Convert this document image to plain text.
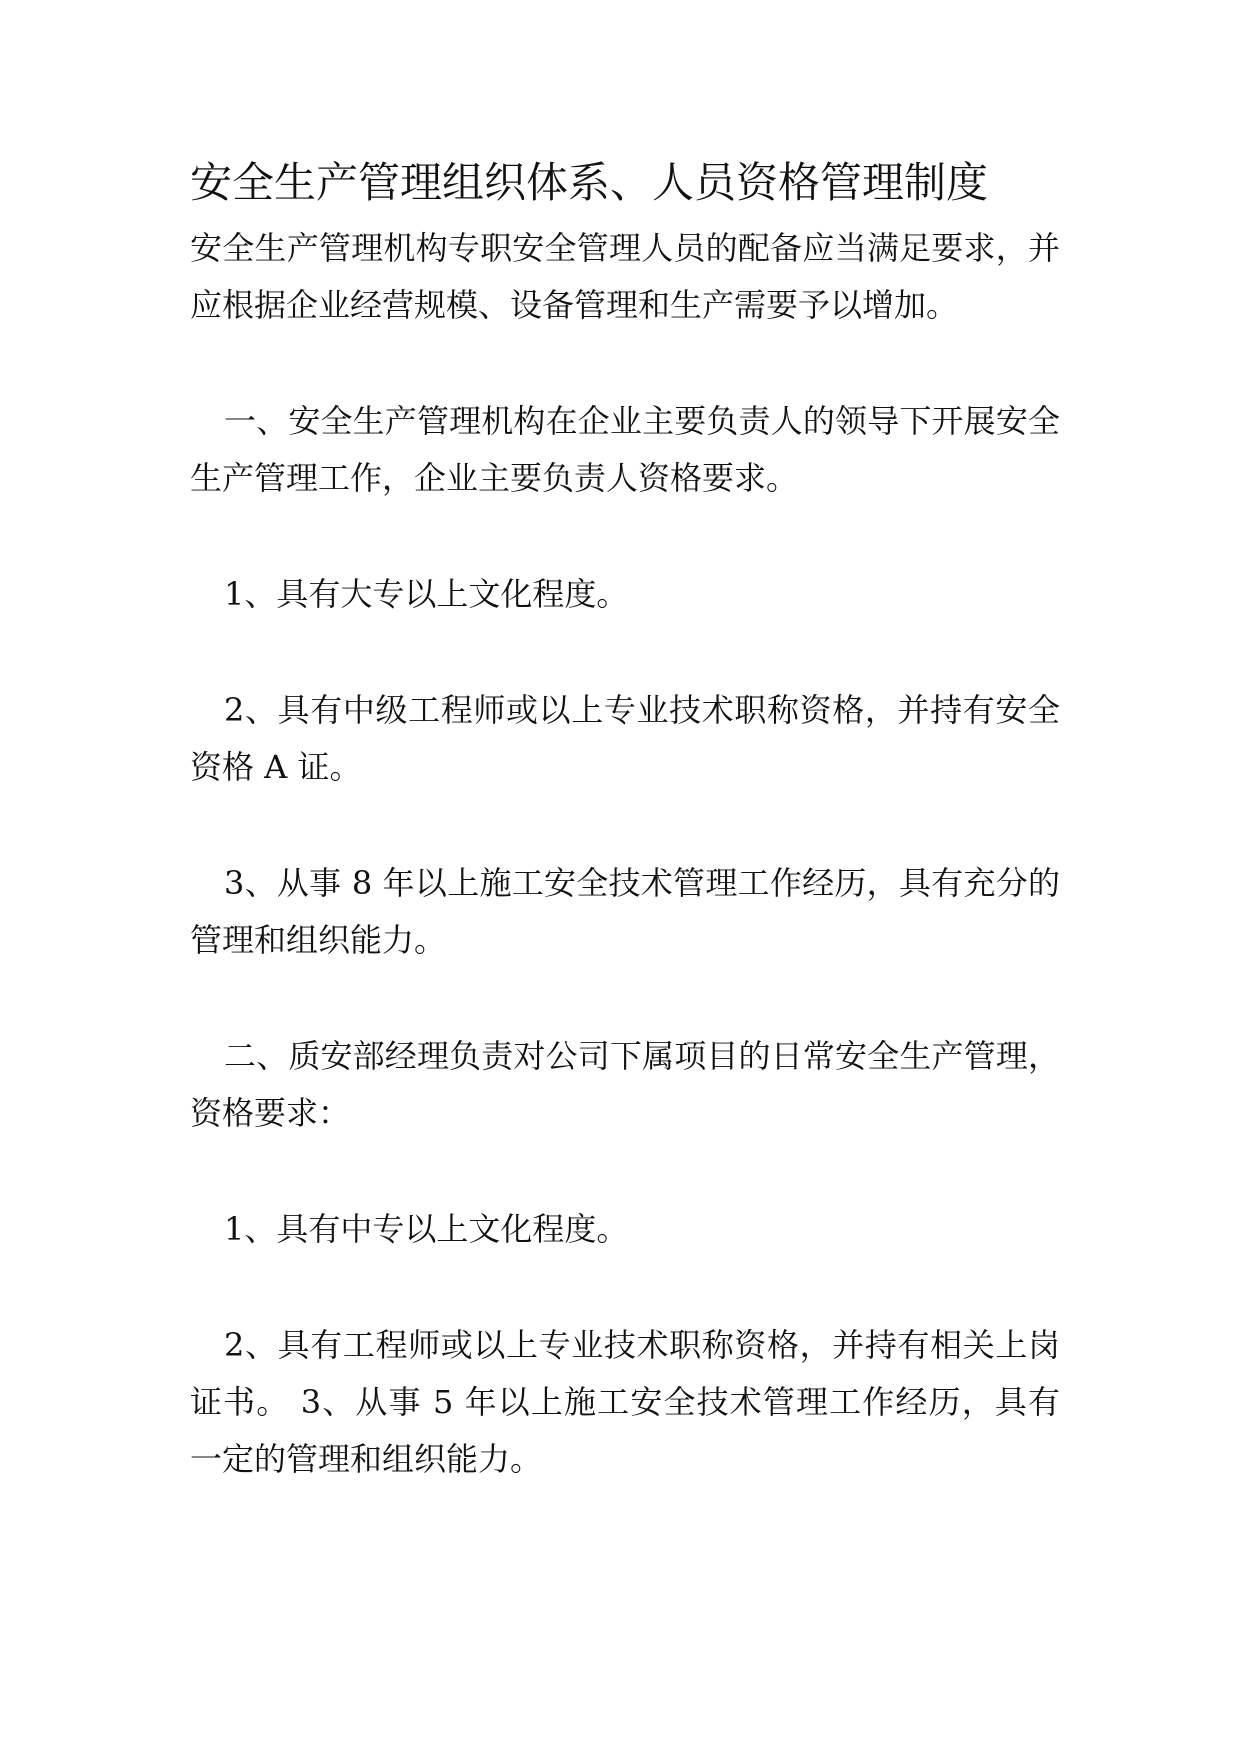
安全生产管理组织体系、人员资格管理制度

安全生产管理机构专职安全管理人员的配备应当满足要求，并应根据企业经营规模、设备管理和生产需要予以增加。

一、安全生产管理机构在企业主要负责人的领导下开展安全生产管理工作，企业主要负责人资格要求。

1、具有大专以上文化程度。

2、具有中级工程师或以上专业技术职称资格，并持有安全资格 A 证。

3、从事 8 年以上施工安全技术管理工作经历，具有充分的管理和组织能力。

二、质安部经理负责对公司下属项目的日常安全生产管理，资格要求：

1、具有中专以上文化程度。

2、具有工程师或以上专业技术职称资格，并持有相关上岗证书。 3、从事 5 年以上施工安全技术管理工作经历，具有一定的管理和组织能力。
